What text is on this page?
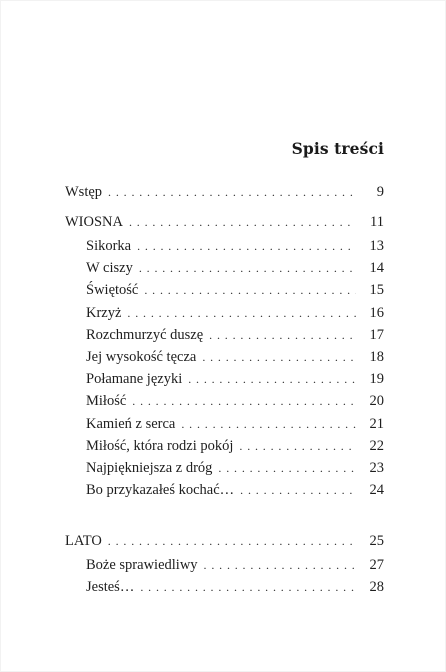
Spis treści
Wstęp . . .	9
WIOSNA . . .	11
Sikorka . . .	13
W ciszy . . .	14
Świętość . . .	15
Krzyż . . .	16
Rozchmurzyć duszę . . .	17
Jej wysokość tęcza . . .	18
Połamane języki . . .	19
Miłość . . .	20
Kamień z serca . . .	21
Miłość, która rodzi pokój . . .	22
Najpiękniejsza z dróg . . .	23
Bo przykazałeś kochać… . . .	24
LATO . . .	25
Boże sprawiedliwy . . .	27
Jesteś… . . .	28
